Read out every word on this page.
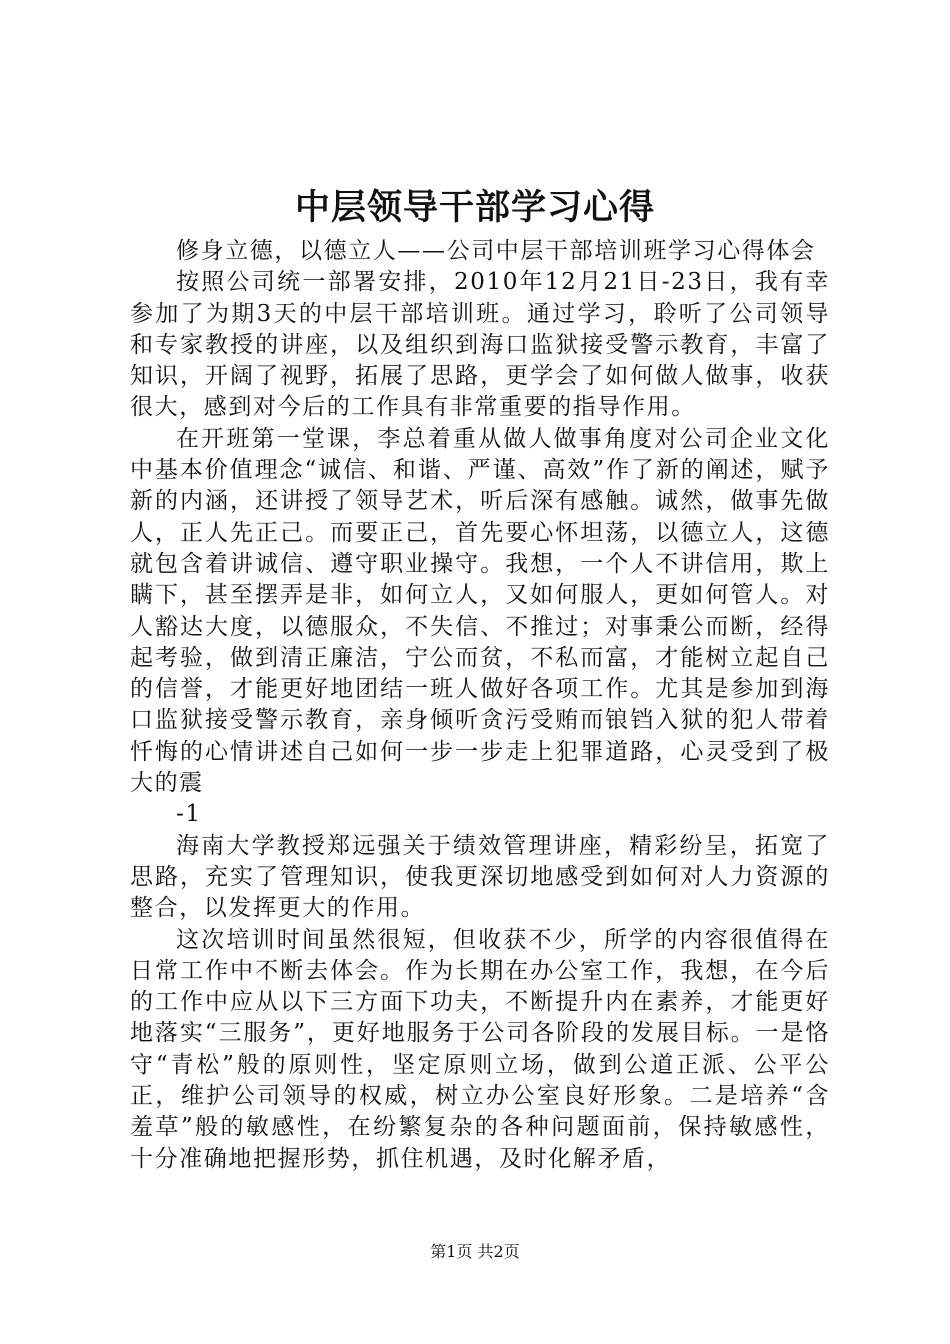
中层领导干部学习心得

修身立德，以德立人——公司中层干部培训班学习心得体会

按照公司统一部署安排，2010年12月21日-23日，我有幸参加了为期3天的中层干部培训班。通过学习，聆听了公司领导和专家教授的讲座，以及组织到海口监狱接受警示教育，丰富了知识，开阔了视野，拓展了思路，更学会了如何做人做事，收获很大，感到对今后的工作具有非常重要的指导作用。

在开班第一堂课，李总着重从做人做事角度对公司企业文化中基本价值理念“诚信、和谐、严谨、高效”作了新的阐述，赋予新的内涵，还讲授了领导艺术，听后深有感触。诚然，做事先做人，正人先正己。而要正己，首先要心怀坦荡，以德立人，这德就包含着讲诚信、遵守职业操守。我想，一个人不讲信用，欺上瞒下，甚至摆弄是非，如何立人，又如何服人，更如何管人。对人豁达大度，以德服众，不失信、不推过；对事秉公而断，经得起考验，做到清正廉洁，宁公而贫，不私而富，才能树立起自己的信誉，才能更好地团结一班人做好各项工作。尤其是参加到海口监狱接受警示教育，亲身倾听贪污受贿而锒铛入狱的犯人带着忏悔的心情讲述自己如何一步一步走上犯罪道路，心灵受到了极大的震

-1

海南大学教授郑远强关于绩效管理讲座，精彩纷呈，拓宽了思路，充实了管理知识，使我更深切地感受到如何对人力资源的整合，以发挥更大的作用。

这次培训时间虽然很短，但收获不少，所学的内容很值得在日常工作中不断去体会。作为长期在办公室工作，我想，在今后的工作中应从以下三方面下功夫，不断提升内在素养，才能更好地落实“三服务”，更好地服务于公司各阶段的发展目标。一是恪守“青松”般的原则性，坚定原则立场，做到公道正派、公平公正，维护公司领导的权威，树立办公室良好形象。二是培养“含羞草”般的敏感性，在纷繁复杂的各种问题面前，保持敏感性，十分准确地把握形势，抓住机遇，及时化解矛盾，

第1页 共2页
